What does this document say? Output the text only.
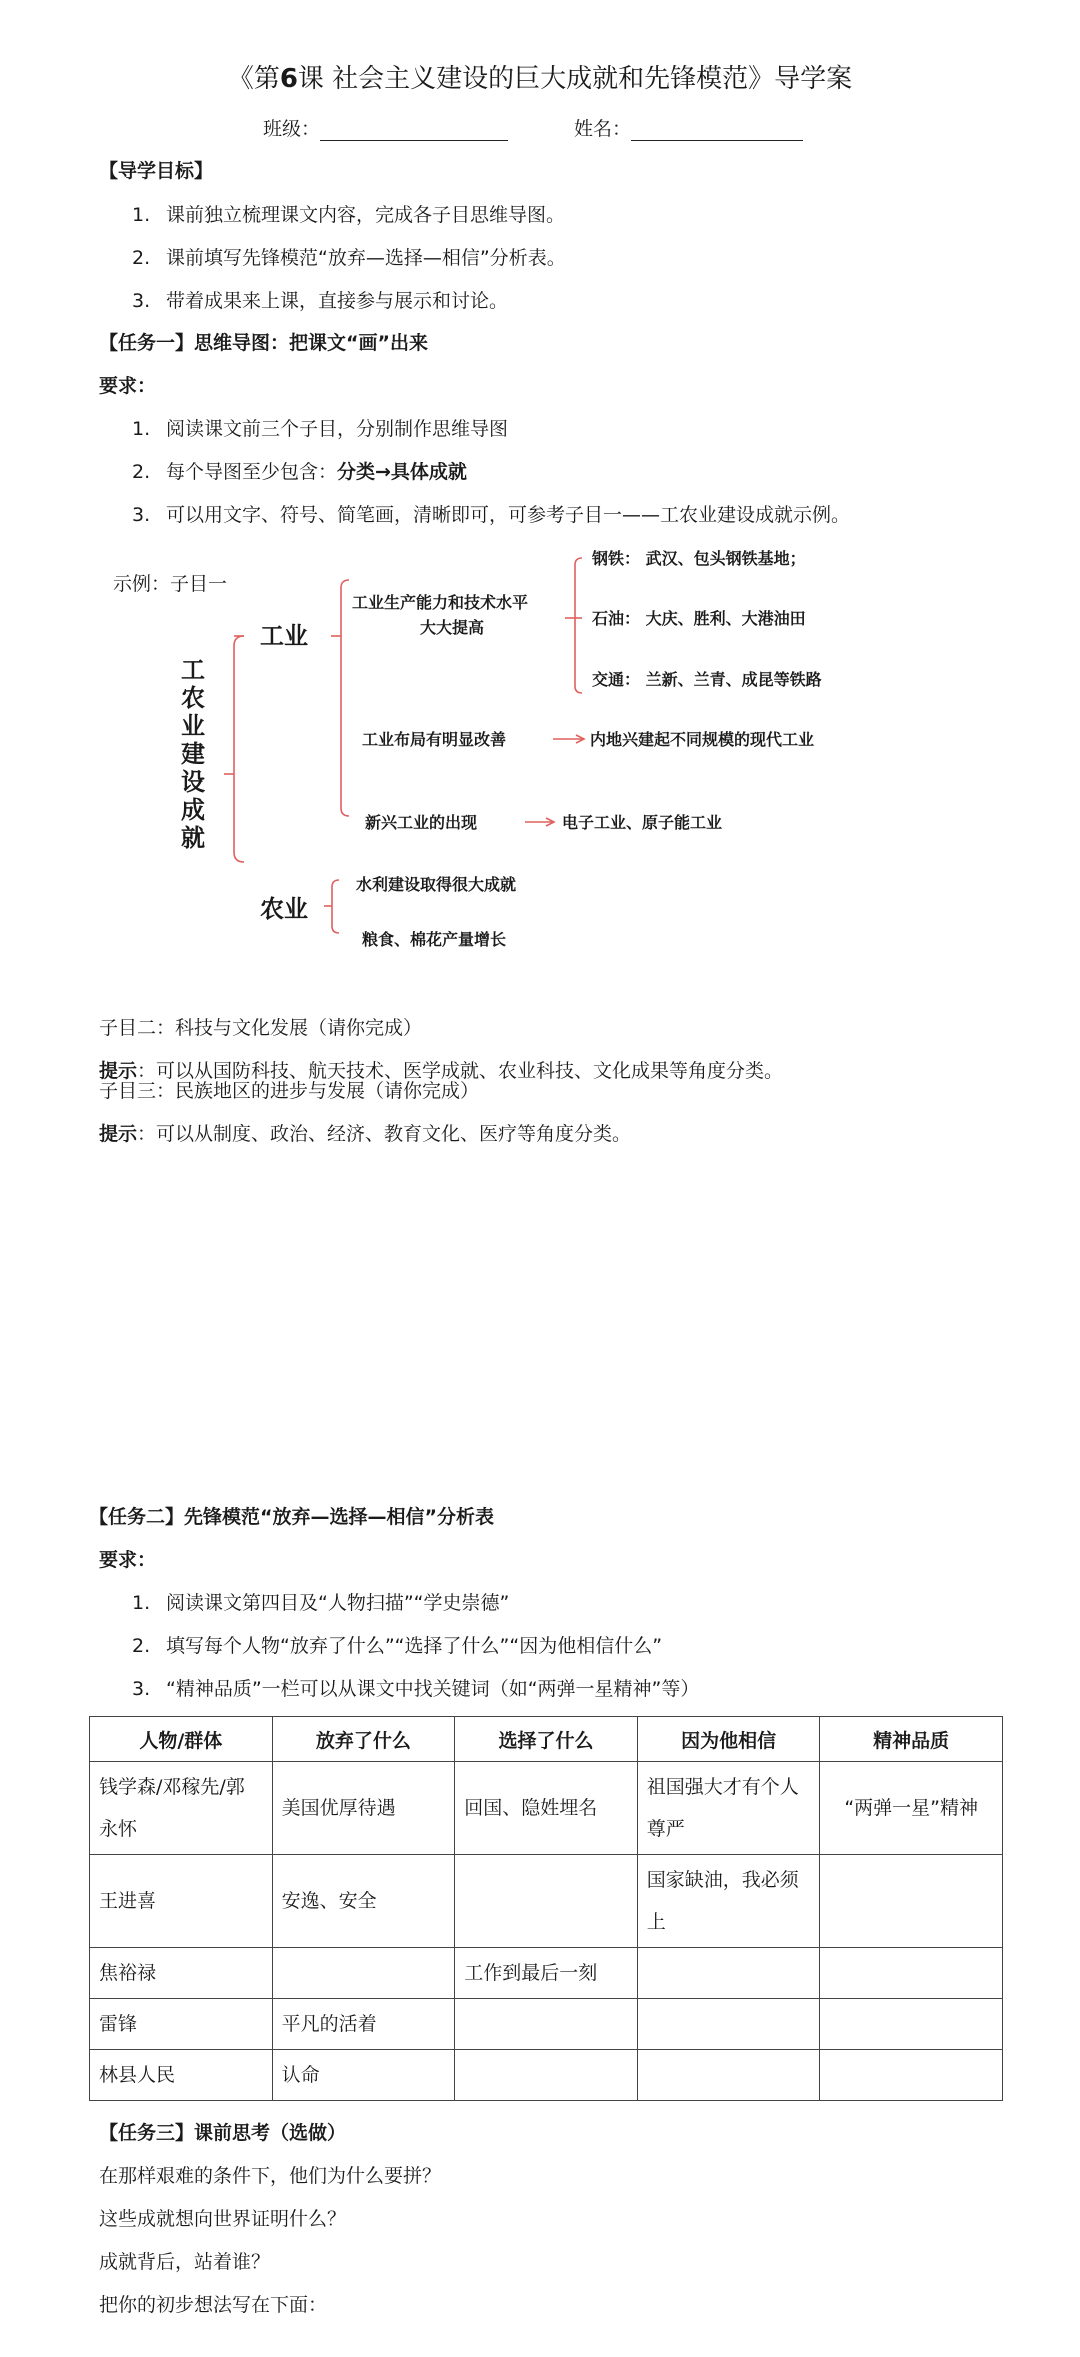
《第6课 社会主义建设的巨大成就和先锋模范》导学案
班级：	姓名：
【导学目标】
1. 课前独立梳理课文内容，完成各子目思维导图。
2. 课前填写先锋模范“放弃—选择—相信”分析表。
3. 带着成果来上课，直接参与展示和讨论。
【任务一】思维导图：把课文“画”出来
要求：
1. 阅读课文前三个子目，分别制作思维导图
2. 每个导图至少包含：分类→具体成就
3. 可以用文字、符号、简笔画，清晰即可，可参考子目一——工农业建设成就示例。
示例：子目一
工
农
业
建
设
成
就
工业
农业
工业生产能力和技术水平
大大提高
钢铁： 武汉、包头钢铁基地；
石油： 大庆、胜利、大港油田
交通： 兰新、兰青、成昆等铁路
工业布局有明显改善	内地兴建起不同规模的现代工业
新兴工业的出现	电子工业、原子能工业
水利建设取得很大成就
粮食、棉花产量增长
子目二：科技与文化发展（请你完成）
提示：可以从国防科技、航天技术、医学成就、农业科技、文化成果等角度分类。
子目三：民族地区的进步与发展（请你完成）
提示：可以从制度、政治、经济、教育文化、医疗等角度分类。
【任务二】先锋模范“放弃—选择—相信”分析表
要求：
1. 阅读课文第四目及“人物扫描”“学史崇德”
2. 填写每个人物“放弃了什么”“选择了什么”“因为他相信什么”
3. “精神品质”一栏可以从课文中找关键词（如“两弹一星精神”等）
人物/群体	放弃了什么	选择了什么	因为他相信	精神品质
钱学森/邓稼先/郭永怀	美国优厚待遇	回国、隐姓埋名	祖国强大才有个人尊严	“两弹一星”精神
王进喜	安逸、安全		国家缺油，我必须上	
焦裕禄		工作到最后一刻		
雷锋	平凡的活着			
林县人民	认命			
【任务三】课前思考（选做）
在那样艰难的条件下，他们为什么要拼？
这些成就想向世界证明什么？
成就背后，站着谁？
把你的初步想法写在下面：
